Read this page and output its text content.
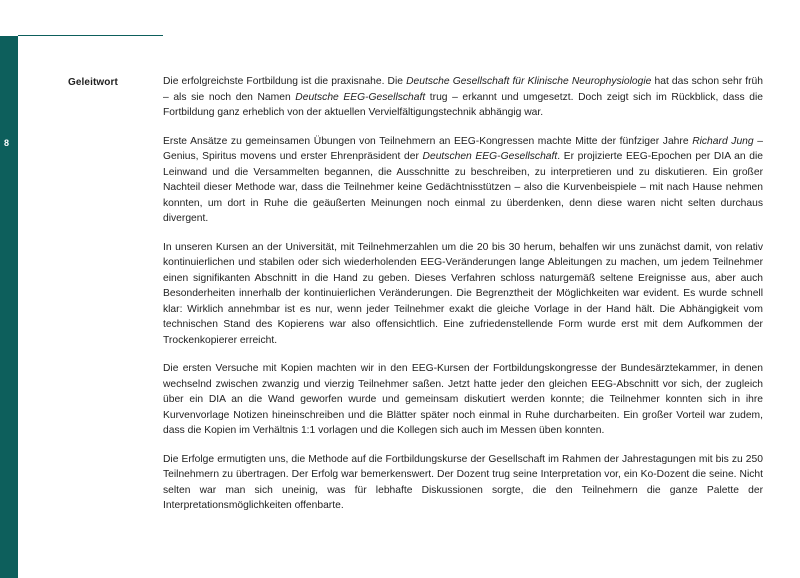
8
Geleitwort	Die erfolgreichste Fortbildung ist die praxisnahe. Die Deutsche Gesellschaft für Klinische Neurophysiologie hat das schon sehr früh – als sie noch den Namen Deutsche EEG-Gesellschaft trug – erkannt und umgesetzt. Doch zeigt sich im Rückblick, dass die Fortbildung ganz erheblich von der aktuellen Vervielfältigungstechnik abhängig war.

Erste Ansätze zu gemeinsamen Übungen von Teilnehmern an EEG-Kongressen machte Mitte der fünfziger Jahre Richard Jung – Genius, Spiritus movens und erster Ehrenpräsident der Deutschen EEG-Gesellschaft. Er projizierte EEG-Epochen per DIA an die Leinwand und die Versammelten begannen, die Ausschnitte zu beschreiben, zu interpretieren und zu diskutieren. Ein großer Nachteil dieser Methode war, dass die Teilnehmer keine Gedächtnisstützen – also die Kurvenbeispiele – mit nach Hause nehmen konnten, um dort in Ruhe die geäußerten Meinungen noch einmal zu überdenken, denn diese waren nicht selten durchaus divergent.

In unseren Kursen an der Universität, mit Teilnehmerzahlen um die 20 bis 30 herum, behalfen wir uns zunächst damit, von relativ kontinuierlichen und stabilen oder sich wiederholenden EEG-Veränderungen lange Ableitungen zu machen, um jedem Teilnehmer einen signifikanten Abschnitt in die Hand zu geben. Dieses Verfahren schloss naturgemäß seltene Ereignisse aus, aber auch Besonderheiten innerhalb der kontinuierlichen Veränderungen. Die Begrenztheit der Möglichkeiten war evident. Es wurde schnell klar: Wirklich annehmbar ist es nur, wenn jeder Teilnehmer exakt die gleiche Vorlage in der Hand hält. Die Abhängigkeit vom technischen Stand des Kopierens war also offensichtlich. Eine zufriedenstellende Form wurde erst mit dem Aufkommen der Trockenkopierer erreicht.

Die ersten Versuche mit Kopien machten wir in den EEG-Kursen der Fortbildungskongresse der Bundesärztekammer, in denen wechselnd zwischen zwanzig und vierzig Teilnehmer saßen. Jetzt hatte jeder den gleichen EEG-Abschnitt vor sich, der zugleich über ein DIA an die Wand geworfen wurde und gemeinsam diskutiert werden konnte; die Teilnehmer konnten sich in ihre Kurvenvorlage Notizen hineinschreiben und die Blätter später noch einmal in Ruhe durcharbeiten. Ein großer Vorteil war zudem, dass die Kopien im Verhältnis 1:1 vorlagen und die Kollegen sich auch im Messen üben konnten.

Die Erfolge ermutigten uns, die Methode auf die Fortbildungskurse der Gesellschaft im Rahmen der Jahrestagungen mit bis zu 250 Teilnehmern zu übertragen. Der Erfolg war bemerkenswert. Der Dozent trug seine Interpretation vor, ein Ko-Dozent die seine. Nicht selten war man sich uneinig, was für lebhafte Diskussionen sorgte, die den Teilnehmern die ganze Palette der Interpretationsmöglichkeiten offenbarte.
